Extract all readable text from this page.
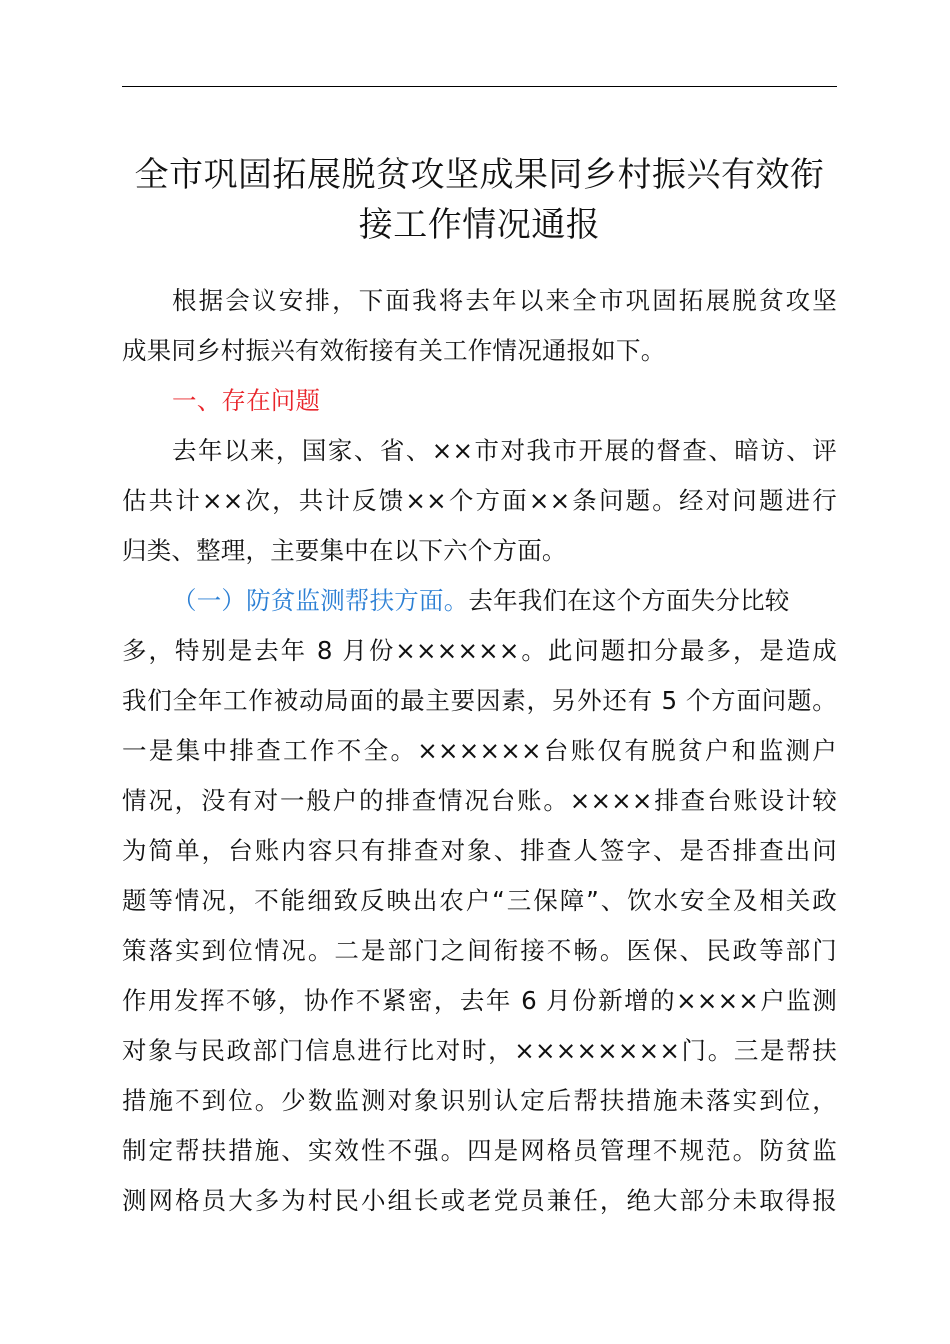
全市巩固拓展脱贫攻坚成果同乡村振兴有效衔
接工作情况通报
根据会议安排，下面我将去年以来全市巩固拓展脱贫攻坚
成果同乡村振兴有效衔接有关工作情况通报如下。
一、存在问题
去年以来，国家、省、××市对我市开展的督查、暗访、评
估共计××次，共计反馈××个方面××条问题。经对问题进行
归类、整理，主要集中在以下六个方面。
（一）防贫监测帮扶方面。去年我们在这个方面失分比较
多，特别是去年 8 月份××××××。此问题扣分最多，是造成
我们全年工作被动局面的最主要因素，另外还有 5 个方面问题。
一是集中排查工作不全。××××××台账仅有脱贫户和监测户
情况，没有对一般户的排查情况台账。××××排查台账设计较
为简单，台账内容只有排查对象、排查人签字、是否排查出问
题等情况，不能细致反映出农户“三保障”、饮水安全及相关政
策落实到位情况。二是部门之间衔接不畅。医保、民政等部门
作用发挥不够，协作不紧密，去年 6 月份新增的××××户监测
对象与民政部门信息进行比对时，××××××××门。三是帮扶
措施不到位。少数监测对象识别认定后帮扶措施未落实到位，
制定帮扶措施、实效性不强。四是网格员管理不规范。防贫监
测网格员大多为村民小组长或老党员兼任，绝大部分未取得报
